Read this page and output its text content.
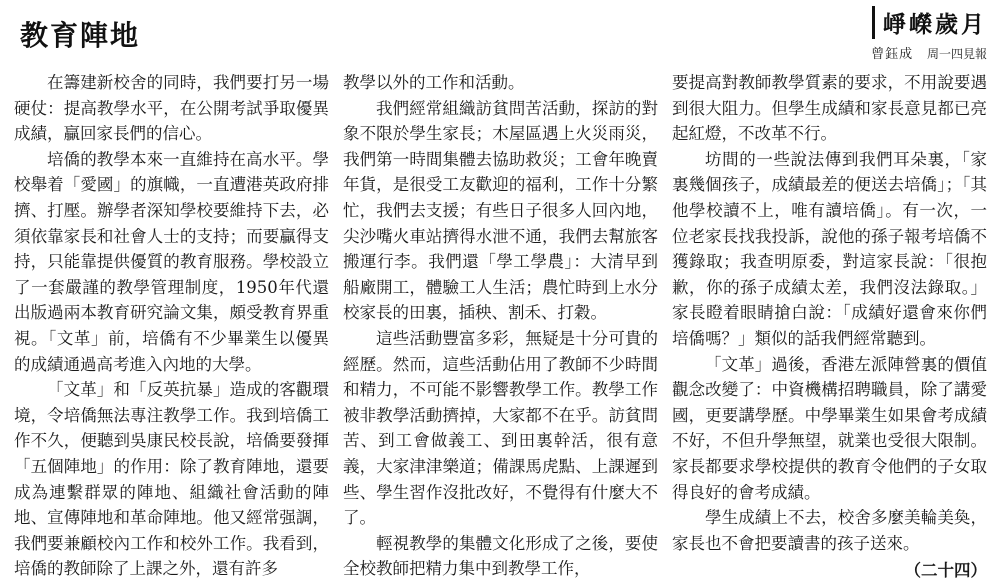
教育陣地	崢嶸歲月
曾鈺成 周一四見報

在籌建新校舍的同時，我們要打另一場硬仗：提高教學水平，在公開考試爭取優異成績，贏回家長們的信心。

培僑的教學本來一直維持在高水平。學校舉着「愛國」的旗幟，一直遭港英政府排擠、打壓。辦學者深知學校要維持下去，必須依靠家長和社會人士的支持；而要贏得支持，只能靠提供優質的教育服務。學校設立了一套嚴謹的教學管理制度，1950年代還出版過兩本教育研究論文集，頗受教育界重視。「文革」前，培僑有不少畢業生以優異的成績通過高考進入內地的大學。

「文革」和「反英抗暴」造成的客觀環境，令培僑無法專注教學工作。我到培僑工作不久，便聽到吳康民校長說，培僑要發揮「五個陣地」的作用：除了教育陣地，還要成為連繫群眾的陣地、組織社會活動的陣地、宣傳陣地和革命陣地。他又經常强調，我們要兼顧校內工作和校外工作。我看到，培僑的教師除了上課之外，還有許多

教學以外的工作和活動。

我們經常組織訪貧問苦活動，探訪的對象不限於學生家長；木屋區遇上火災雨災，我們第一時間集體去協助救災；工會年晚賣年貨，是很受工友歡迎的福利，工作十分繁忙，我們去支援；有些日子很多人回內地，尖沙嘴火車站擠得水泄不通，我們去幫旅客搬運行李。我們還「學工學農」：大清早到船廠開工，體驗工人生活；農忙時到上水分校家長的田裏，插秧、割禾、打穀。

這些活動豐富多彩，無疑是十分可貴的經歷。然而，這些活動佔用了教師不少時間和精力，不可能不影響教學工作。教學工作被非教學活動擠掉，大家都不在乎。訪貧問苦、到工會做義工、到田裏幹活，很有意義，大家津津樂道；備課馬虎點、上課遲到些、學生習作沒批改好，不覺得有什麼大不了。

輕視教學的集體文化形成了之後，要使全校教師把精力集中到教學工作，

要提高對教師教學質素的要求，不用說要遇到很大阻力。但學生成績和家長意見都已亮起紅燈，不改革不行。

坊間的一些說法傳到我們耳朵裏，「家裏幾個孩子，成績最差的便送去培僑」；「其他學校讀不上，唯有讀培僑」。有一次，一位老家長找我投訴，說他的孫子報考培僑不獲錄取；我查明原委，對這家長說：「很抱歉，你的孫子成績太差，我們沒法錄取。」家長瞪着眼睛搶白說：「成績好還會來你們培僑嗎？」類似的話我們經常聽到。

「文革」過後，香港左派陣營裏的價值觀念改變了：中資機構招聘職員，除了講愛國，更要講學歷。中學畢業生如果會考成績不好，不但升學無望，就業也受很大限制。家長都要求學校提供的教育令他們的子女取得良好的會考成績。

學生成績上不去，校舍多麼美輪美奐，家長也不會把要讀書的孩子送來。

（二十四）
